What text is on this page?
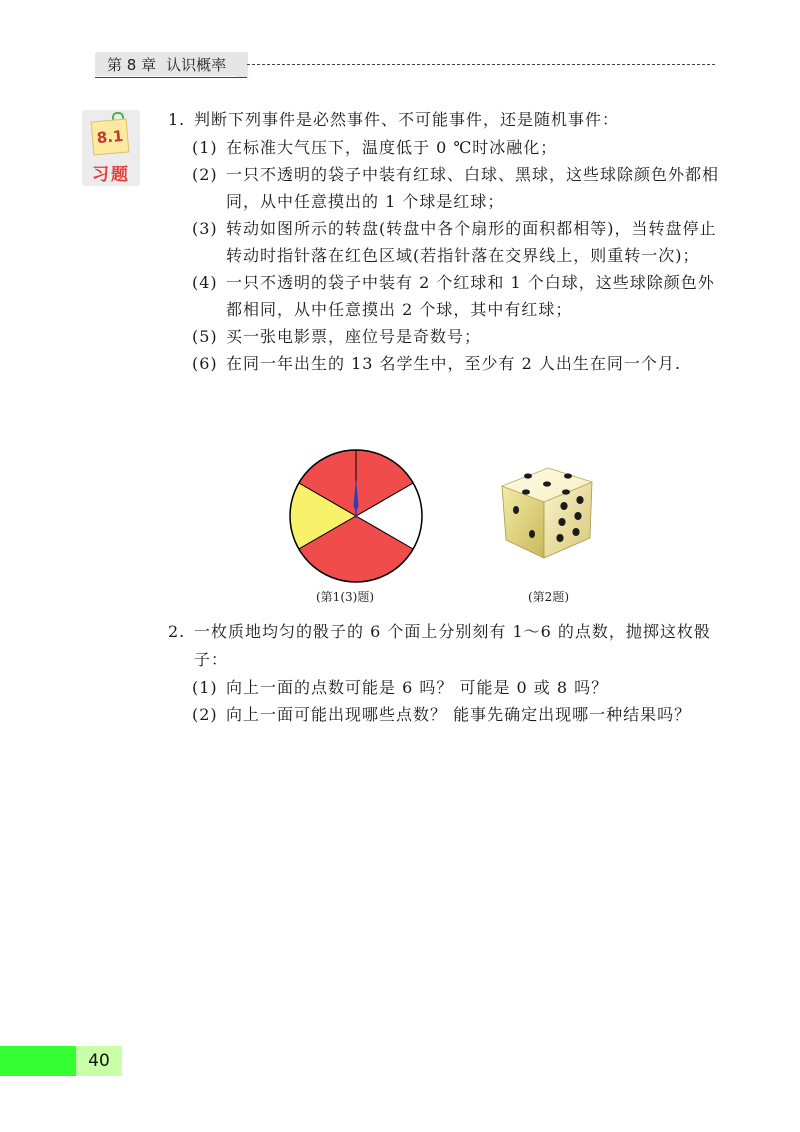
第 8 章 认识概率
8.1
习题
1. 判断下列事件是必然事件、不可能事件，还是随机事件：
(1) 在标准大气压下，温度低于 0 ℃时冰融化；
(2) 一只不透明的袋子中装有红球、白球、黑球，这些球除颜色外都相同，从中任意摸出的 1 个球是红球；
(3) 转动如图所示的转盘(转盘中各个扇形的面积都相等)，当转盘停止转动时指针落在红色区域(若指针落在交界线上，则重转一次)；
(4) 一只不透明的袋子中装有 2 个红球和 1 个白球，这些球除颜色外都相同，从中任意摸出 2 个球，其中有红球；
(5) 买一张电影票，座位号是奇数号；
(6) 在同一年出生的 13 名学生中，至少有 2 人出生在同一个月.
2. 一枚质地均匀的骰子的 6 个面上分别刻有 1～6 的点数，抛掷这枚骰子：
(1) 向上一面的点数可能是 6 吗？ 可能是 0 或 8 吗？
(2) 向上一面可能出现哪些点数？ 能事先确定出现哪一种结果吗？
(第1(3)题)	(第2题)
40
